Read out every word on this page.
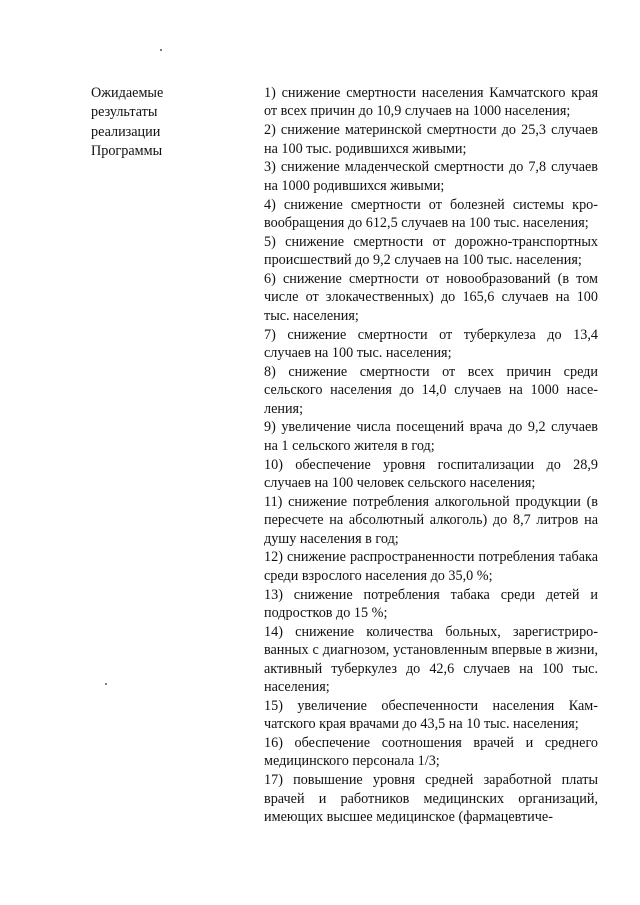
Ожидаемые
результаты
реализации
Программы
1) снижение смертности населения Камчатского края от всех причин до 10,9 случаев на 1000 населения;
2) снижение материнской смертности до 25,3 случаев на 100 тыс. родившихся живыми;
3) снижение младенческой смертности до 7,8 случаев на 1000 родившихся живыми;
4) снижение смертности от болезней системы кровообращения до 612,5 случаев на 100 тыс. населения;
5) снижение смертности от дорожно-транспортных происшествий до 9,2 случаев на 100 тыс. населения;
6) снижение смертности от новообразований (в том числе от злокачественных) до 165,6 случаев на 100 тыс. населения;
7) снижение смертности от туберкулеза до 13,4 случаев на 100 тыс. населения;
8) снижение смертности от всех причин среди сельского населения до 14,0 случаев на 1000 населения;
9) увеличение числа посещений врача до 9,2 случаев на 1 сельского жителя в год;
10) обеспечение уровня госпитализации до 28,9 случаев на 100 человек сельского населения;
11) снижение потребления алкогольной продукции (в пересчете на абсолютный алкоголь) до 8,7 литров на душу населения в год;
12) снижение распространенности потребления табака среди взрослого населения до 35,0 %;
13) снижение потребления табака среди детей и подростков до 15 %;
14) снижение количества больных, зарегистрированных с диагнозом, установленным впервые в жизни, активный туберкулез до 42,6 случаев на 100 тыс. населения;
15) увеличение обеспеченности населения Камчатского края врачами до 43,5 на 10 тыс. населения;
16) обеспечение соотношения врачей и среднего медицинского персонала 1/3;
17) повышение уровня средней заработной платы врачей и работников медицинских организаций, имеющих высшее медицинское (фармацевтиче-
